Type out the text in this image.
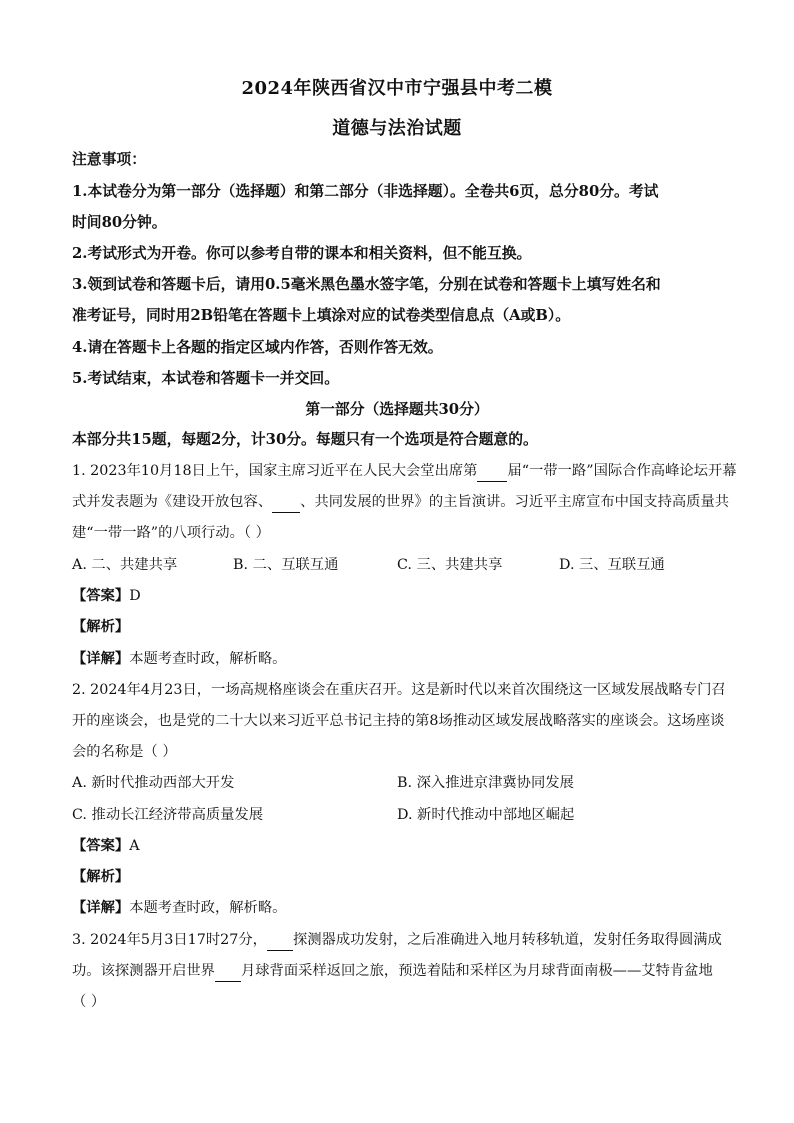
2024年陕西省汉中市宁强县中考二模
道德与法治试题
注意事项：
1.本试卷分为第一部分（选择题）和第二部分（非选择题）。全卷共6页，总分80分。考试
时间80分钟。
2.考试形式为开卷。你可以参考自带的课本和相关资料，但不能互换。
3.领到试卷和答题卡后，请用0.5毫米黑色墨水签字笔，分别在试卷和答题卡上填写姓名和
准考证号，同时用2B铅笔在答题卡上填涂对应的试卷类型信息点（A或B）。
4.请在答题卡上各题的指定区域内作答，否则作答无效。
5.考试结束，本试卷和答题卡一并交回。
第一部分（选择题共30分）
本部分共15题，每题2分，计30分。每题只有一个选项是符合题意的。
1. 2023年10月18日上午，国家主席习近平在人民大会堂出席第 届“一带一路”国际合作高峰论坛开幕
式并发表题为《建设开放包容、 、共同发展的世界》的主旨演讲。习近平主席宣布中国支持高质量共
建“一带一路”的八项行动。（ ）
A. 二、共建共享	B. 二、互联互通	C. 三、共建共享	D. 三、互联互通
【答案】D
【解析】
【详解】本题考查时政，解析略。
2. 2024年4月23日，一场高规格座谈会在重庆召开。这是新时代以来首次围绕这一区域发展战略专门召
开的座谈会，也是党的二十大以来习近平总书记主持的第8场推动区域发展战略落实的座谈会。这场座谈
会的名称是（ ）
A. 新时代推动西部大开发	B. 深入推进京津冀协同发展
C. 推动长江经济带高质量发展	D. 新时代推动中部地区崛起
【答案】A
【解析】
【详解】本题考查时政，解析略。
3. 2024年5月3日17时27分， 探测器成功发射，之后准确进入地月转移轨道，发射任务取得圆满成
功。该探测器开启世界 月球背面采样返回之旅，预选着陆和采样区为月球背面南极——艾特肯盆地
（ ）
